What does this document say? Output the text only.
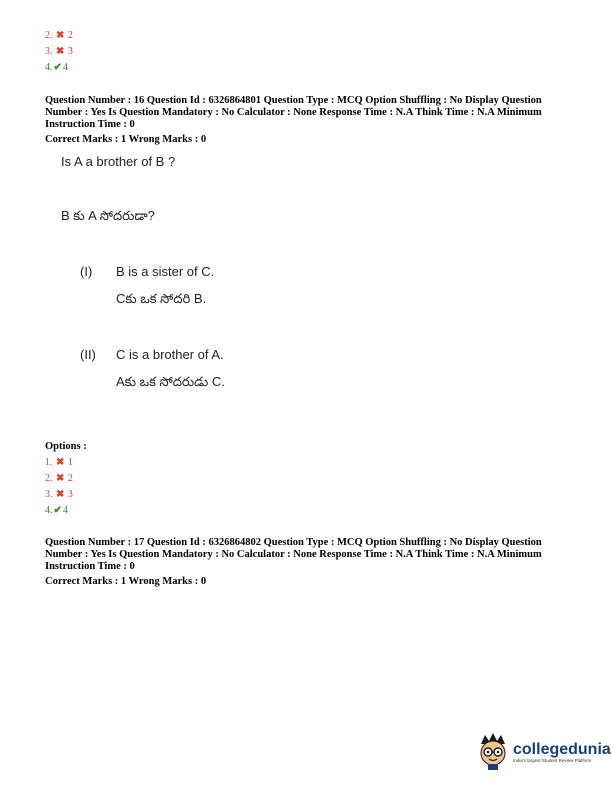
2. ✖ 2
3. ✖ 3
4.✔4
Question Number : 16 Question Id : 6326864801 Question Type : MCQ Option Shuffling : No Display Question
Number : Yes Is Question Mandatory : No Calculator : None Response Time : N.A Think Time : N.A Minimum
Instruction Time : 0
Correct Marks : 1 Wrong Marks : 0
Is A a brother of B ?
B కు A సోదరుడా?
(I) B is a sister of C.
Cకు ఒక సోదరి B.
(II) C is a brother of A.
Aకు ఒక సోదరుడు C.
Options :
1. ✖ 1
2. ✖ 2
3. ✖ 3
4.✔4
Question Number : 17 Question Id : 6326864802 Question Type : MCQ Option Shuffling : No Display Question
Number : Yes Is Question Mandatory : No Calculator : None Response Time : N.A Think Time : N.A Minimum
Instruction Time : 0
Correct Marks : 1 Wrong Marks : 0
collegedunia
India's largest Student Review Platform
